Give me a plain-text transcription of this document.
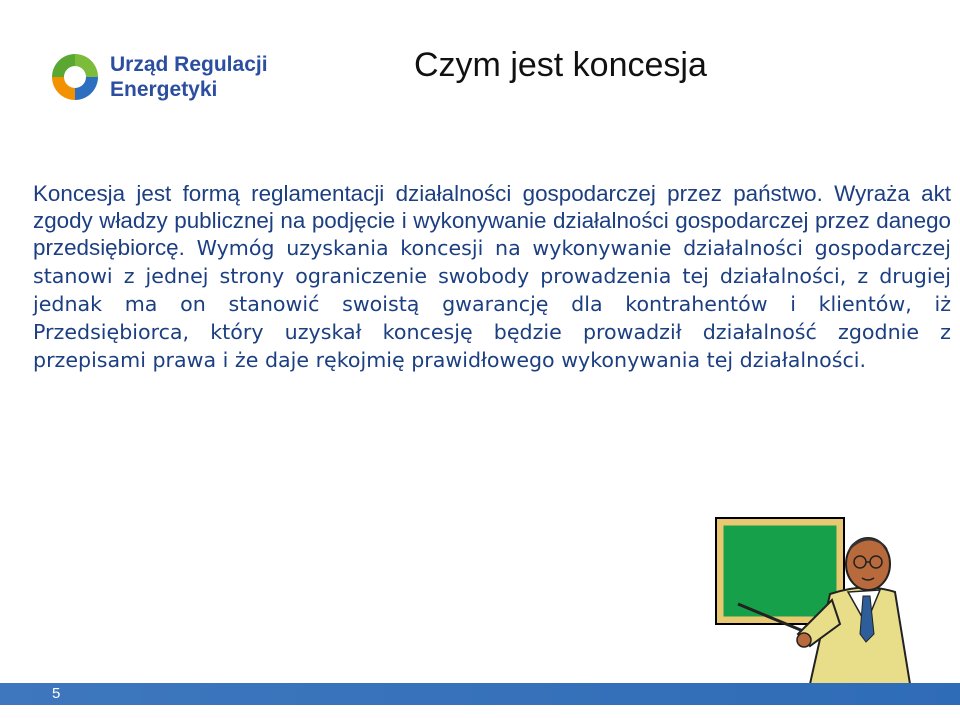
Urząd Regulacji
Energetyki
Czym jest koncesja
Koncesja jest formą reglamentacji działalności gospodarczej przez państwo. Wyraża akt zgody władzy publicznej na podjęcie i wykonywanie działalności gospodarczej przez danego przedsiębiorcę. Wymóg uzyskania koncesji na wykonywanie działalności gospodarczej stanowi z jednej strony ograniczenie swobody prowadzenia tej działalności, z drugiej jednak ma on stanowić swoistą gwarancję dla kontrahentów i klientów, iż Przedsiębiorca, który uzyskał koncesję będzie prowadził działalność zgodnie z przepisami prawa i że daje rękojmię prawidłowego wykonywania tej działalności.
5
